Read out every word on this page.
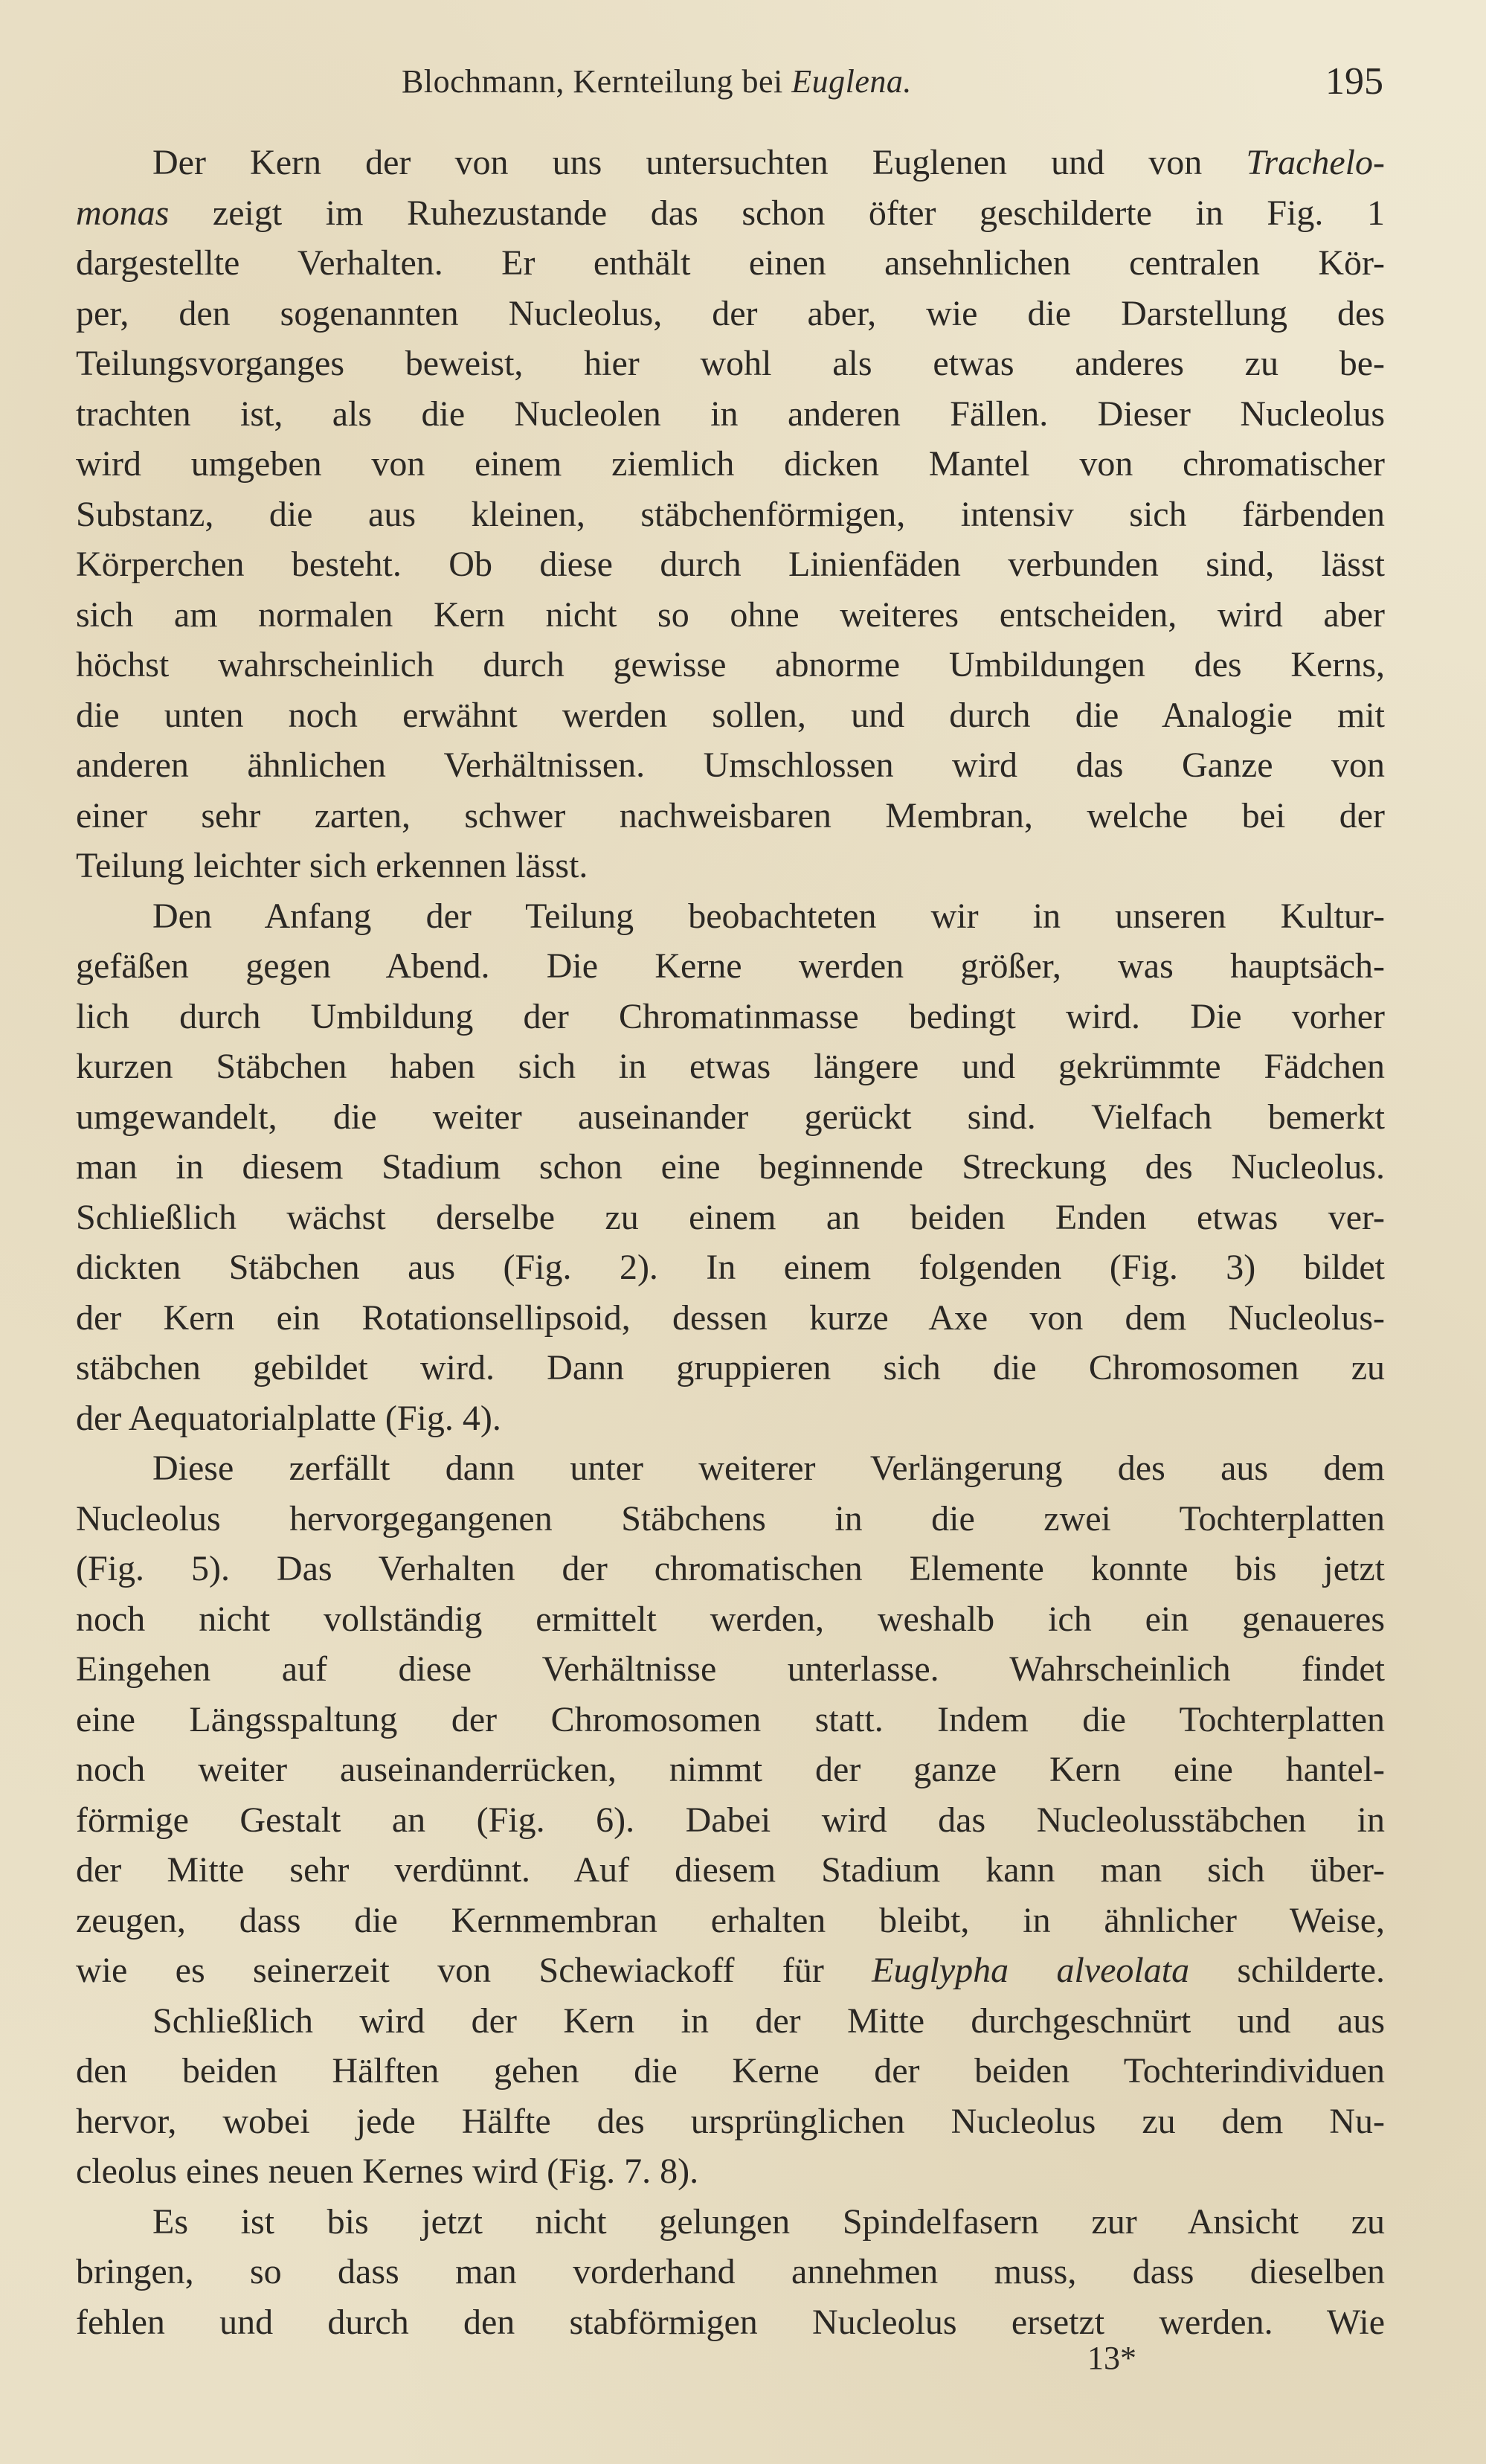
Blochmann, Kernteilung bei Euglena.	195
Der Kern der von uns untersuchten Euglenen und von Trachelo-
monas zeigt im Ruhezustande das schon öfter geschilderte in Fig. 1
dargestellte Verhalten. Er enthält einen ansehnlichen centralen Kör-
per, den sogenannten Nucleolus, der aber, wie die Darstellung des
Teilungsvorganges beweist, hier wohl als etwas anderes zu be-
trachten ist, als die Nucleolen in anderen Fällen. Dieser Nucleolus
wird umgeben von einem ziemlich dicken Mantel von chromatischer
Substanz, die aus kleinen, stäbchenförmigen, intensiv sich färbenden
Körperchen besteht. Ob diese durch Linienfäden verbunden sind, lässt
sich am normalen Kern nicht so ohne weiteres entscheiden, wird aber
höchst wahrscheinlich durch gewisse abnorme Umbildungen des Kerns,
die unten noch erwähnt werden sollen, und durch die Analogie mit
anderen ähnlichen Verhältnissen. Umschlossen wird das Ganze von
einer sehr zarten, schwer nachweisbaren Membran, welche bei der
Teilung leichter sich erkennen lässt.
Den Anfang der Teilung beobachteten wir in unseren Kultur-
gefäßen gegen Abend. Die Kerne werden größer, was hauptsäch-
lich durch Umbildung der Chromatinmasse bedingt wird. Die vorher
kurzen Stäbchen haben sich in etwas längere und gekrümmte Fädchen
umgewandelt, die weiter auseinander gerückt sind. Vielfach bemerkt
man in diesem Stadium schon eine beginnende Streckung des Nucleolus.
Schließlich wächst derselbe zu einem an beiden Enden etwas ver-
dickten Stäbchen aus (Fig. 2). In einem folgenden (Fig. 3) bildet
der Kern ein Rotationsellipsoid, dessen kurze Axe von dem Nucleolus-
stäbchen gebildet wird. Dann gruppieren sich die Chromosomen zu
der Aequatorialplatte (Fig. 4).
Diese zerfällt dann unter weiterer Verlängerung des aus dem
Nucleolus hervorgegangenen Stäbchens in die zwei Tochterplatten
(Fig. 5). Das Verhalten der chromatischen Elemente konnte bis jetzt
noch nicht vollständig ermittelt werden, weshalb ich ein genaueres
Eingehen auf diese Verhältnisse unterlasse. Wahrscheinlich findet
eine Längsspaltung der Chromosomen statt. Indem die Tochterplatten
noch weiter auseinanderrücken, nimmt der ganze Kern eine hantel-
förmige Gestalt an (Fig. 6). Dabei wird das Nucleolusstäbchen in
der Mitte sehr verdünnt. Auf diesem Stadium kann man sich über-
zeugen, dass die Kernmembran erhalten bleibt, in ähnlicher Weise,
wie es seinerzeit von Schewiackoff für Euglypha alveolata schilderte.
Schließlich wird der Kern in der Mitte durchgeschnürt und aus
den beiden Hälften gehen die Kerne der beiden Tochterindividuen
hervor, wobei jede Hälfte des ursprünglichen Nucleolus zu dem Nu-
cleolus eines neuen Kernes wird (Fig. 7. 8).
Es ist bis jetzt nicht gelungen Spindelfasern zur Ansicht zu
bringen, so dass man vorderhand annehmen muss, dass dieselben
fehlen und durch den stabförmigen Nucleolus ersetzt werden. Wie
13*
